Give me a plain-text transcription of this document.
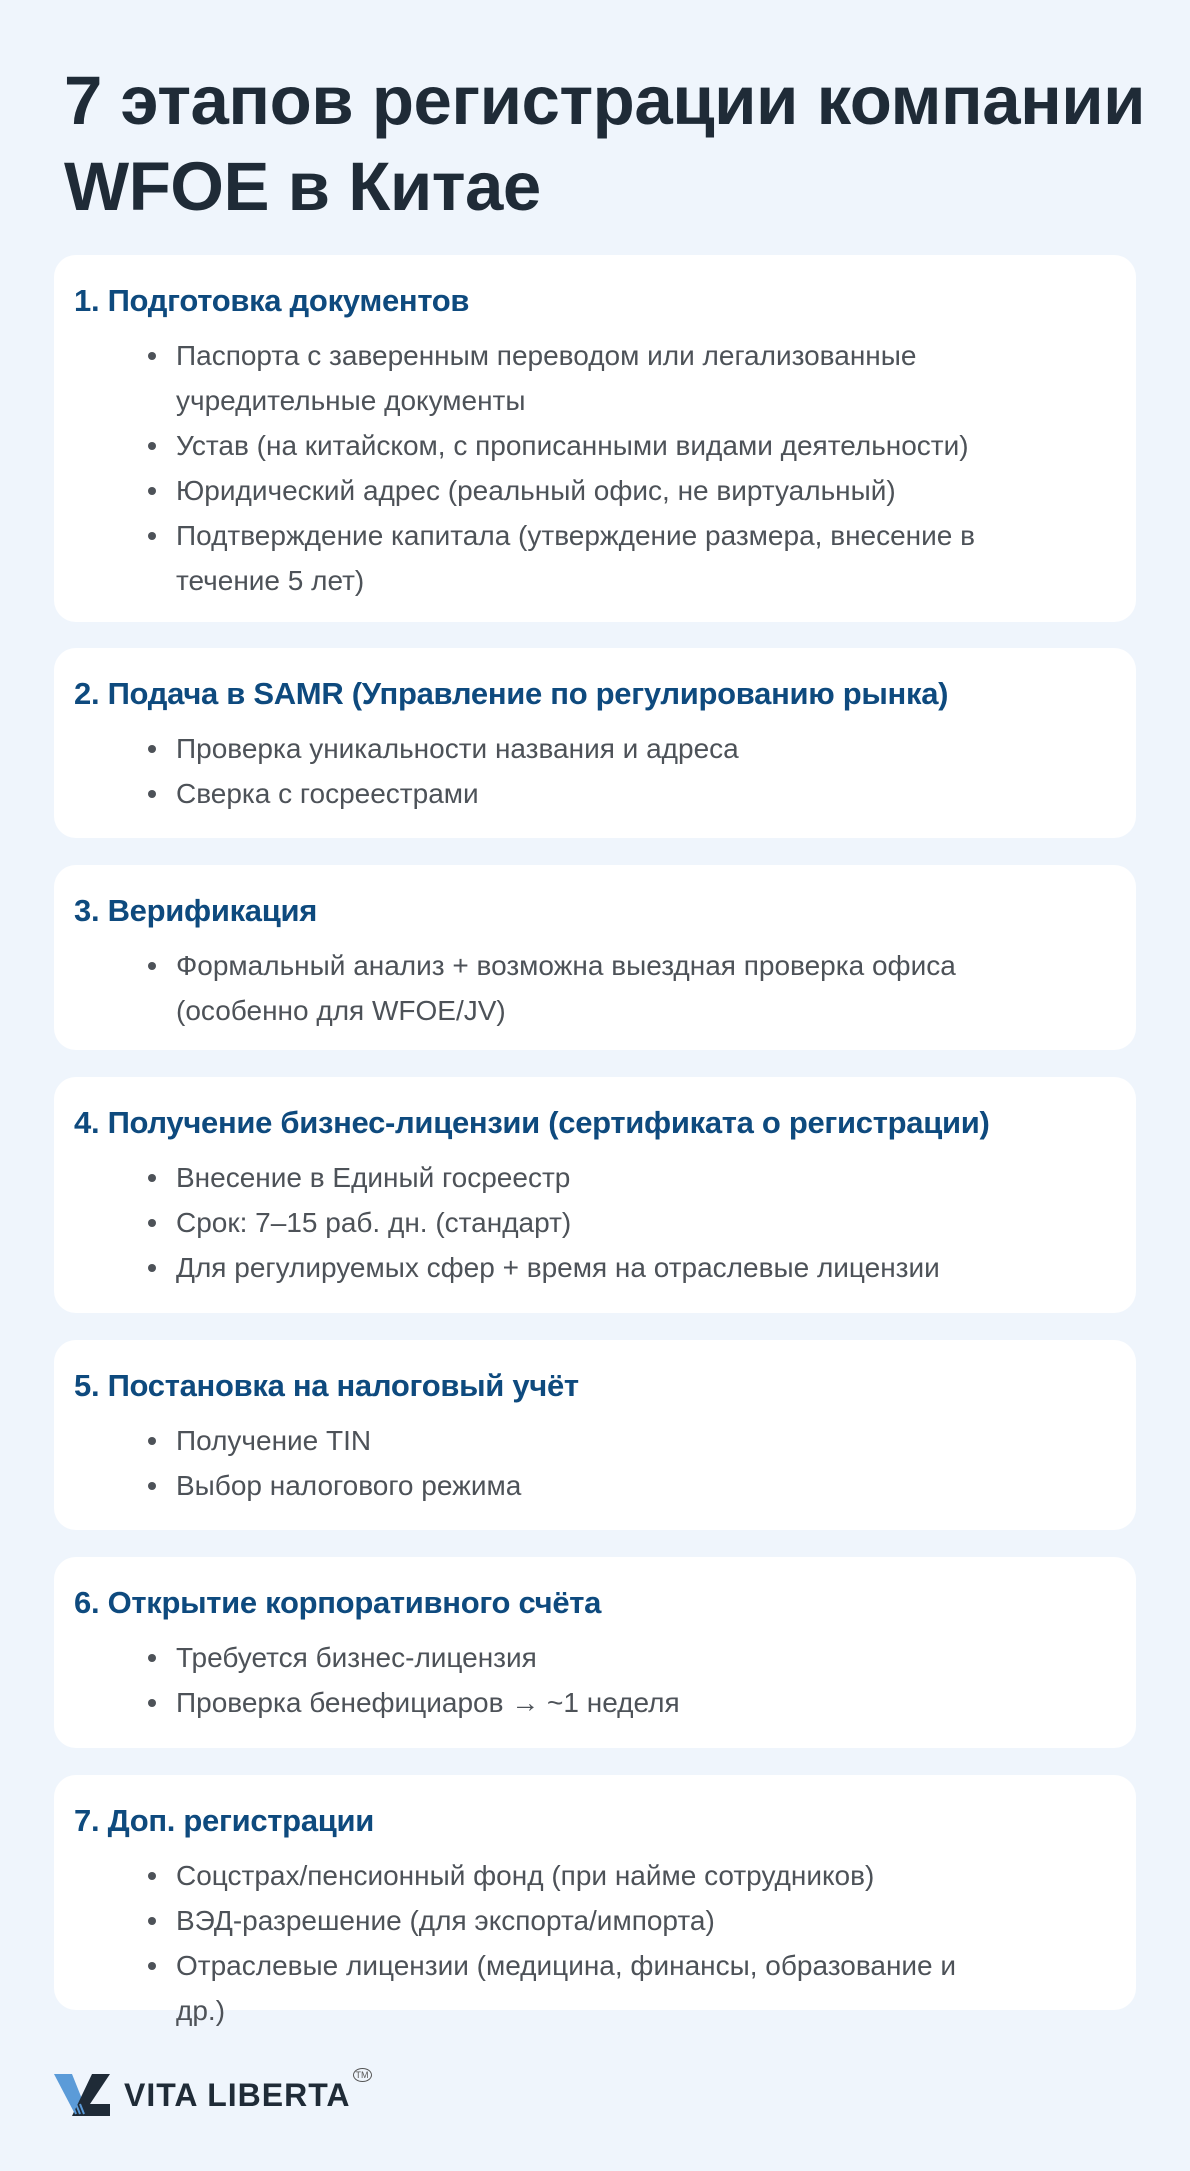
7 этапов регистрации компании WFOE в Китае
1. Подготовка документов
Паспорта с заверенным переводом или легализованные учредительные документы
Устав (на китайском, с прописанными видами деятельности)
Юридический адрес (реальный офис, не виртуальный)
Подтверждение капитала (утверждение размера, внесение в течение 5 лет)
2. Подача в SAMR (Управление по регулированию рынка)
Проверка уникальности названия и адреса
Сверка с госреестрами
3. Верификация
Формальный анализ + возможна выездная проверка офиса (особенно для WFOE/JV)
4. Получение бизнес-лицензии (сертификата о регистрации)
Внесение в Единый госреестр
Срок: 7–15 раб. дн. (стандарт)
Для регулируемых сфер + время на отраслевые лицензии
5. Постановка на налоговый учёт
Получение TIN
Выбор налогового режима
6. Открытие корпоративного счёта
Требуется бизнес-лицензия
Проверка бенефициаров → ~1 неделя
7. Доп. регистрации
Соцстрах/пенсионный фонд (при найме сотрудников)
ВЭД-разрешение (для экспорта/импорта)
Отраслевые лицензии (медицина, финансы, образование и др.)
VITA LIBERTA
TM
